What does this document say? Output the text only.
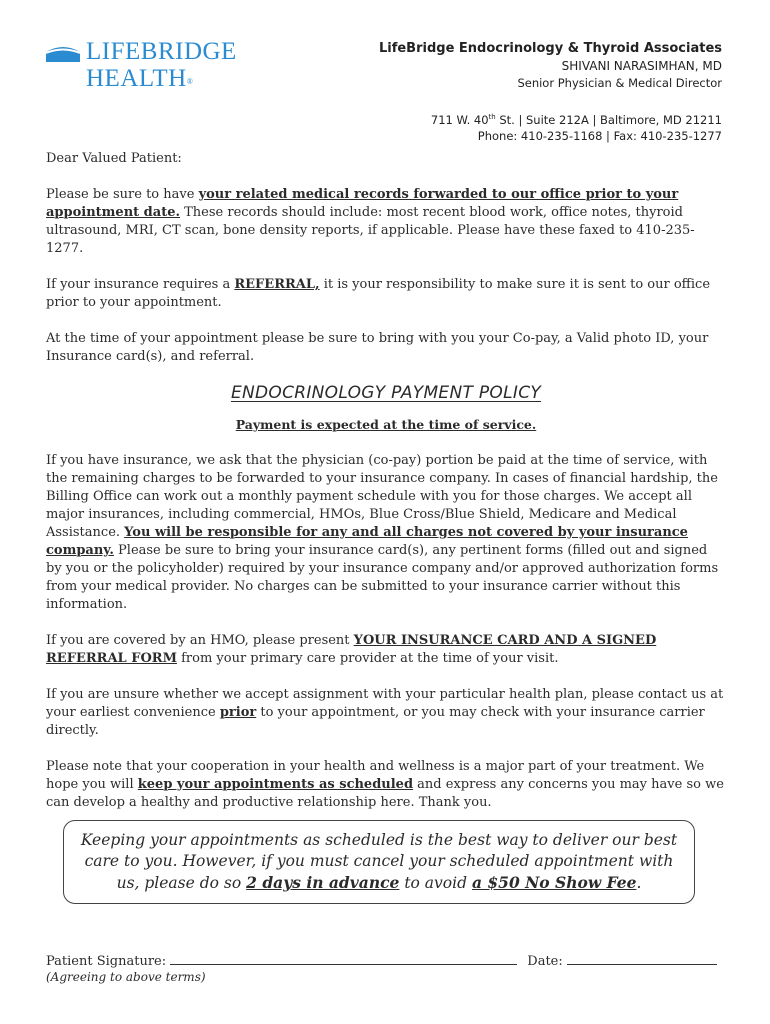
LIFEBRIDGE
HEALTH®
LifeBridge Endocrinology & Thyroid Associates
SHIVANI NARASIMHAN, MD
Senior Physician & Medical Director
711 W. 40th St. | Suite 212A | Baltimore, MD 21211
Phone: 410-235-1168 | Fax: 410-235-1277

Dear Valued Patient:

Please be sure to have your related medical records forwarded to our office prior to your appointment date. These records should include: most recent blood work, office notes, thyroid ultrasound, MRI, CT scan, bone density reports, if applicable. Please have these faxed to 410-235-1277.

If your insurance requires a REFERRAL, it is your responsibility to make sure it is sent to our office prior to your appointment.

At the time of your appointment please be sure to bring with you your Co-pay, a Valid photo ID, your Insurance card(s), and referral.

ENDOCRINOLOGY PAYMENT POLICY
Payment is expected at the time of service.

If you have insurance, we ask that the physician (co-pay) portion be paid at the time of service, with the remaining charges to be forwarded to your insurance company. In cases of financial hardship, the Billing Office can work out a monthly payment schedule with you for those charges. We accept all major insurances, including commercial, HMOs, Blue Cross/Blue Shield, Medicare and Medical Assistance. You will be responsible for any and all charges not covered by your insurance company. Please be sure to bring your insurance card(s), any pertinent forms (filled out and signed by you or the policyholder) required by your insurance company and/or approved authorization forms from your medical provider. No charges can be submitted to your insurance carrier without this information.

If you are covered by an HMO, please present YOUR INSURANCE CARD AND A SIGNED REFERRAL FORM from your primary care provider at the time of your visit.

If you are unsure whether we accept assignment with your particular health plan, please contact us at your earliest convenience prior to your appointment, or you may check with your insurance carrier directly.

Please note that your cooperation in your health and wellness is a major part of your treatment. We hope you will keep your appointments as scheduled and express any concerns you may have so we can develop a healthy and productive relationship here. Thank you.

Keeping your appointments as scheduled is the best way to deliver our best care to you. However, if you must cancel your scheduled appointment with us, please do so 2 days in advance to avoid a $50 No Show Fee.
Patient Signature:	Date:
(Agreeing to above terms)
